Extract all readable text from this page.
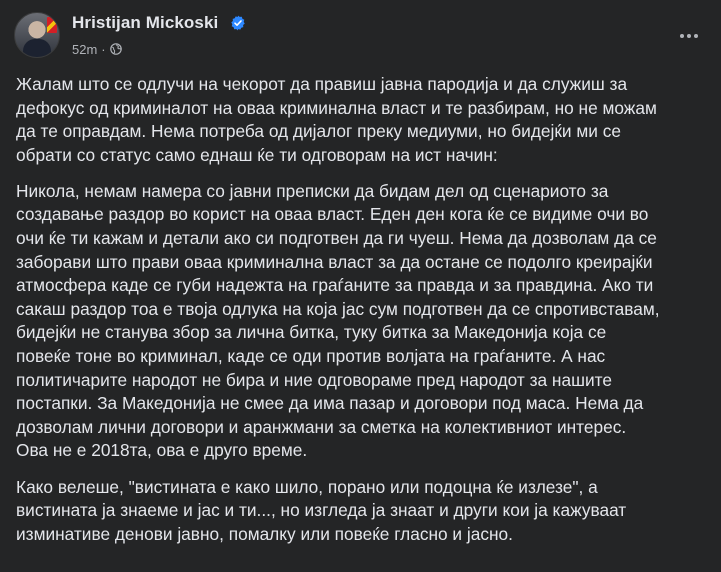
Hristijan Mickoski
52m ·

Жалам што се одлучи на чекорот да правиш јавна пародија и да служиш за
дефокус од криминалот на оваа криминална власт и те разбирам, но не можам
да те оправдам. Нема потреба од дијалог преку медиуми, но бидејќи ми се
обрати со статус само еднаш ќе ти одговорам на ист начин:

Никола, немам намера со јавни преписки да бидам дел од сценариото за
создавање раздор во корист на оваа власт. Еден ден кога ќе се видиме очи во
очи ќе ти кажам и детали ако си подготвен да ги чуеш. Нема да дозволам да се
заборави што прави оваа криминална власт за да остане се подолго креирајќи
атмосфера каде се губи надежта на граѓаните за правда и за правдина. Ако ти
сакаш раздор тоа е твоја одлука на која јас сум подготвен да се спротивставам,
бидејќи не станува збор за лична битка, туку битка за Македонија која се
повеќе тоне во криминал, каде се оди против волјата на граѓаните. А нас
политичарите народот не бира и ние одговораме пред народот за нашите
постапки. За Македонија не смее да има пазар и договори под маса. Нема да
дозволам лични договори и аранжмани за сметка на колективниот интерес.
Ова не е 2018та, ова е друго време.

Како велеше, "вистината е како шило, порано или подоцна ќе излезе", а
вистината ја знаеме и јас и ти..., но изгледа ја знаат и други кои ја кажуваат
изминативе денови јавно, помалку или повеќе гласно и јасно.
